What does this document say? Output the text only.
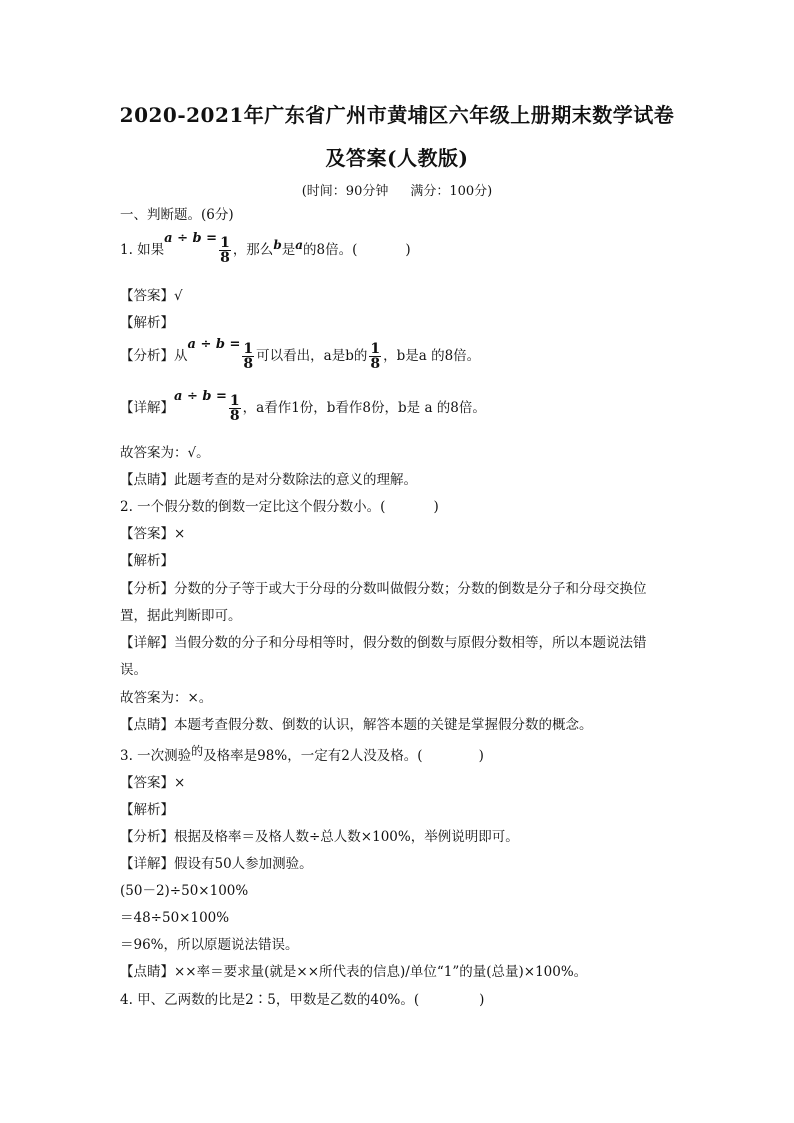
2020-2021年广东省广州市黄埔区六年级上册期末数学试卷
及答案(人教版)
(时间：90分钟 满分：100分)
一、判断题。(6分)
1. 如果$a \div b = \frac{1}{8}$ ，那么b是a的8倍。(	)
【答案】√
【解析】
【分析】从$a \div b = \frac{1}{8}$ 可以看出，a是b的 $\frac{1}{8}$ ，b是a 的8倍。
【详解】$a \div b = \frac{1}{8}$ ，a看作1份，b看作8份，b是 a 的8倍。
故答案为：√。
【点睛】此题考查的是对分数除法的意义的理解。
2. 一个假分数的倒数一定比这个假分数小。(	)
【答案】×
【解析】
【分析】分数的分子等于或大于分母的分数叫做假分数；分数的倒数是分子和分母交换位
置，据此判断即可。
【详解】当假分数的分子和分母相等时，假分数的倒数与原假分数相等，所以本题说法错
误。
故答案为：×。
【点睛】本题考查假分数、倒数的认识，解答本题的关键是掌握假分数的概念。
3. 一次测验的及格率是98%，一定有2人没及格。(	)
【答案】×
【解析】
【分析】根据及格率＝及格人数÷总人数×100%，举例说明即可。
【详解】假设有50人参加测验。
(50－2)÷50×100%
＝48÷50×100%
＝96%，所以原题说法错误。
【点睛】××率＝要求量(就是××所代表的信息)/单位“1”的量(总量)×100%。
4. 甲、乙两数的比是2∶5，甲数是乙数的40%。(	)
